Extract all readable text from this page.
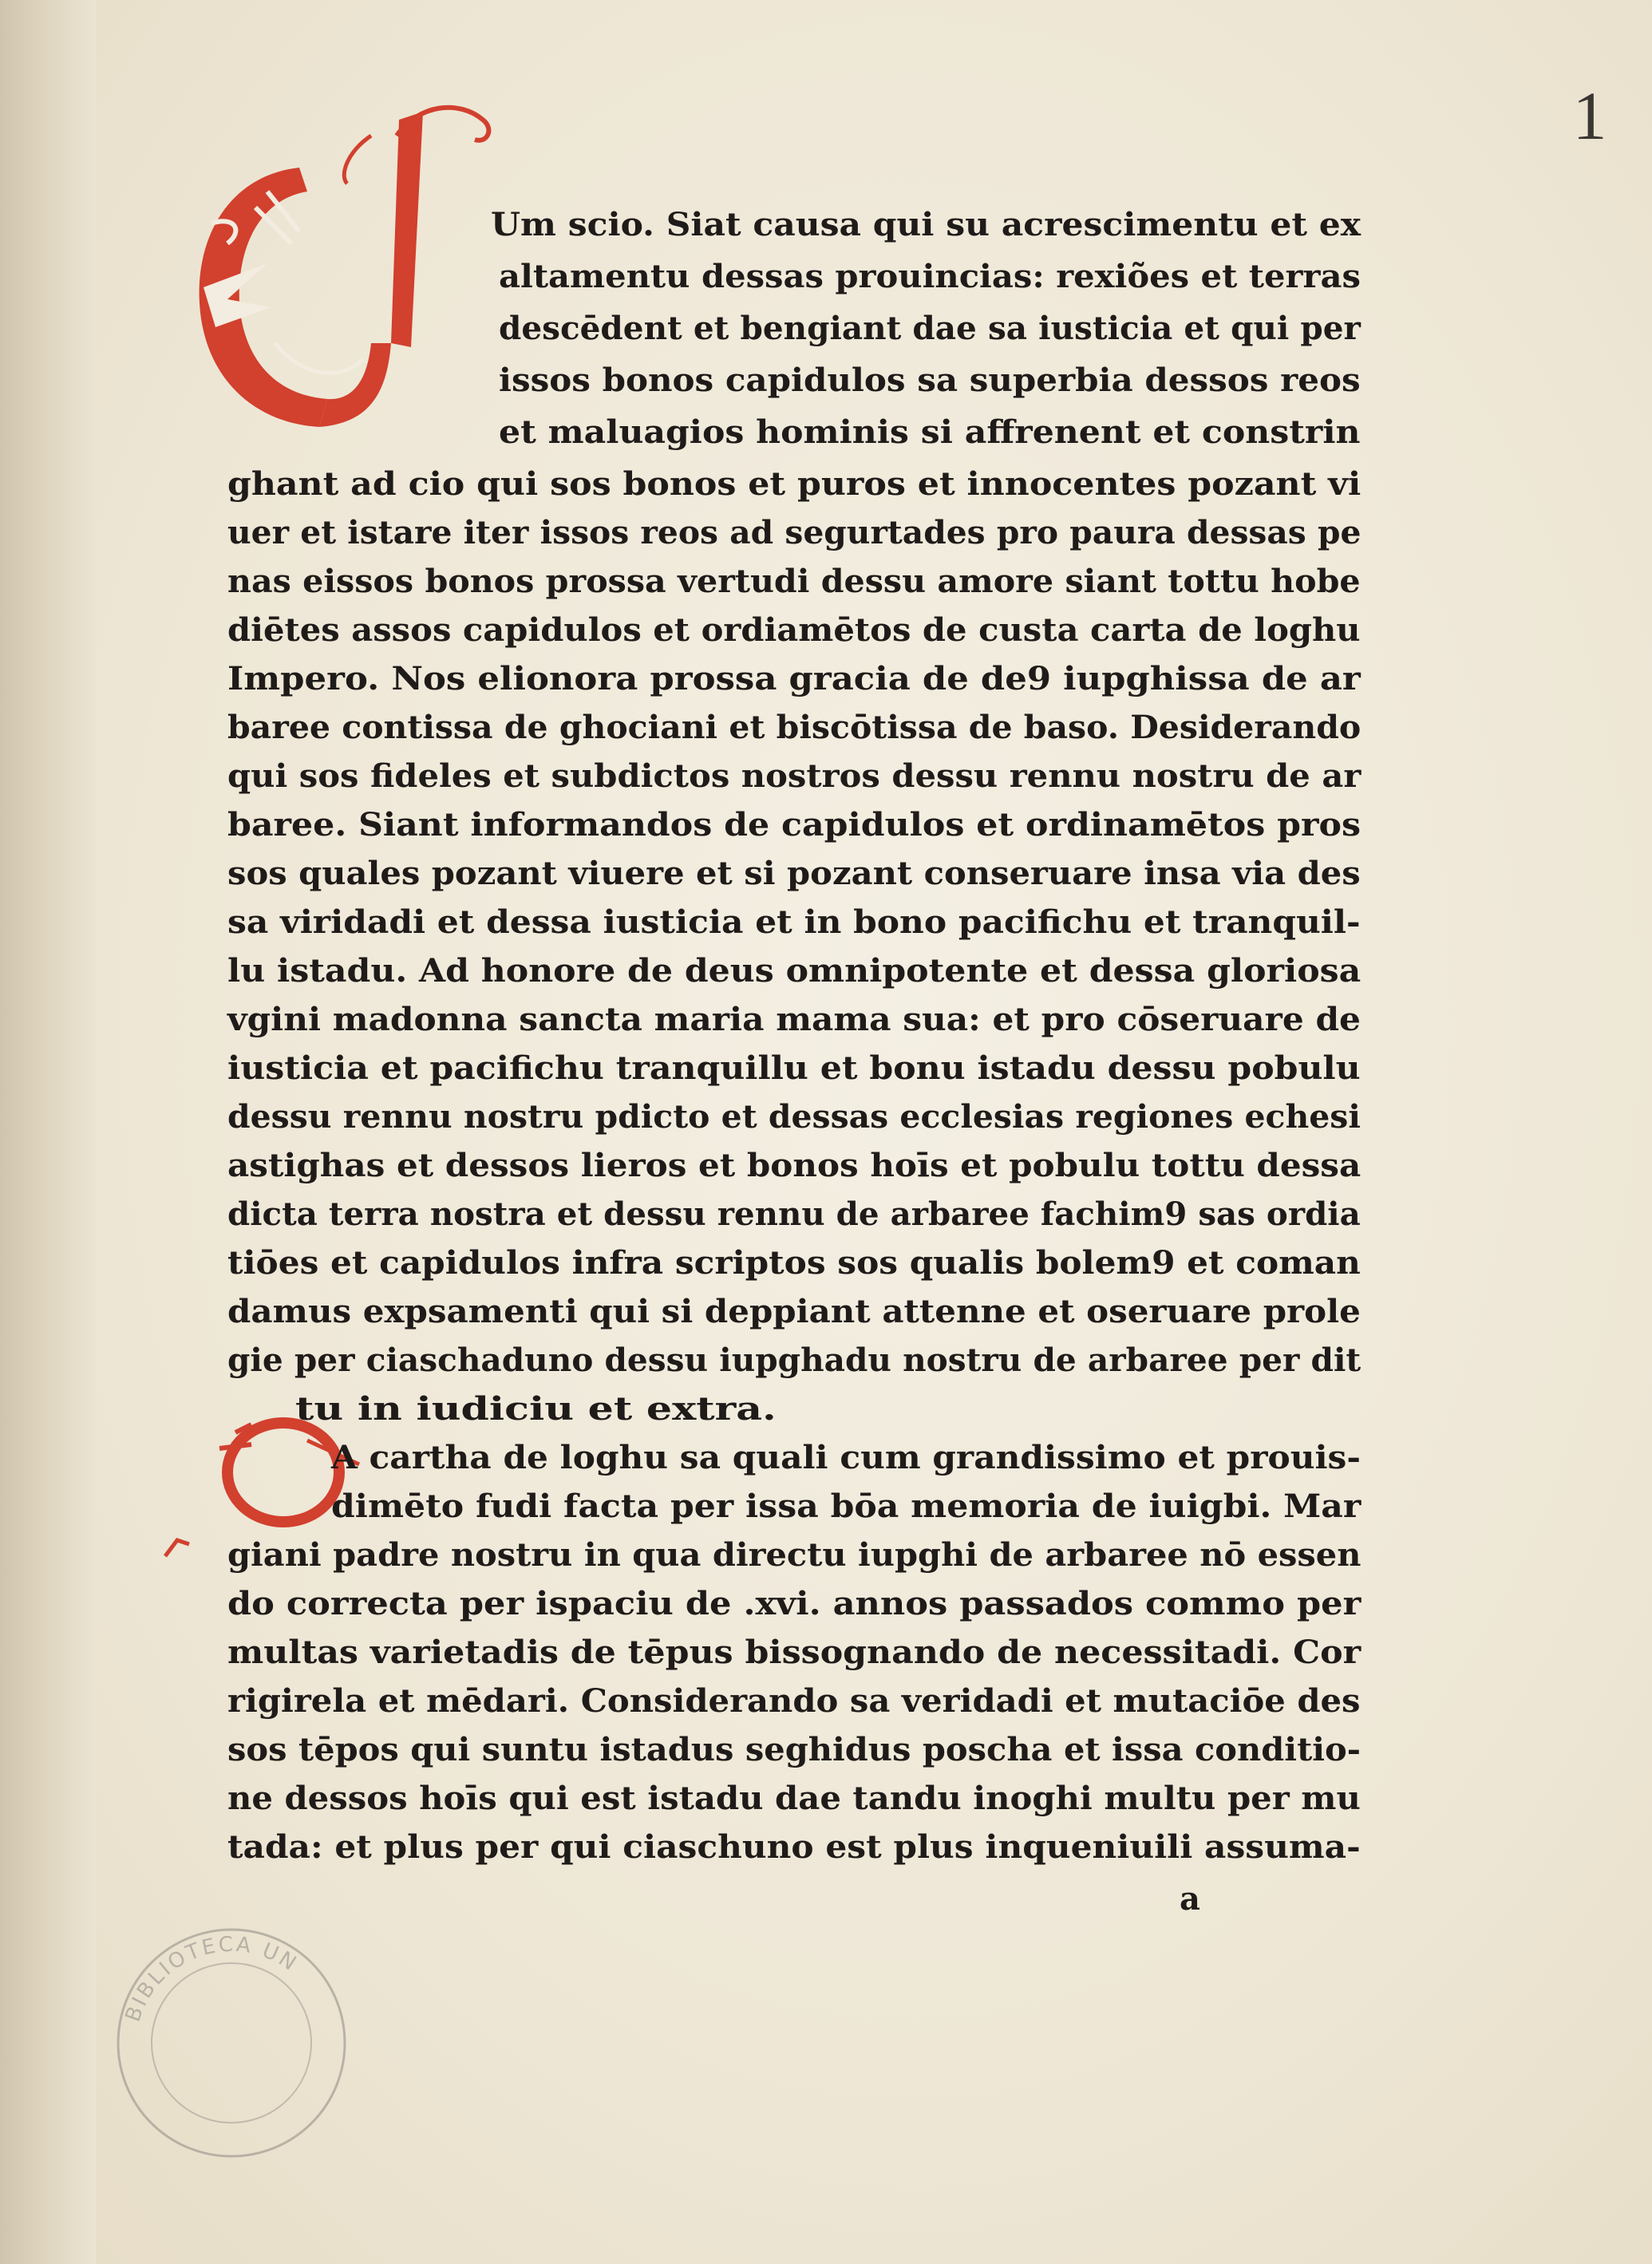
1
Um scio. Siat causa qui su acrescimentu et ex
altamentu dessas prouincias: rexiões et terras
descēdent et bengiant dae sa iusticia et qui per
issos bonos capidulos sa superbia dessos reos
et maluagios hominis si affrenent et constrin
ghant ad cio qui sos bonos et puros et innocentes pozant vi
uer et istare iter issos reos ad segurtades pro paura dessas pe
nas eissos bonos prossa vertudi dessu amore siant tottu hobe
diētes assos capidulos et ordiamētos de custa carta de loghu
Impero. Nos elionora prossa gracia de de9 iupghissa de ar
baree contissa de ghociani et biscōtissa de baso. Desiderando
qui sos fideles et subdictos nostros dessu rennu nostru de ar
baree. Siant informandos de capidulos et ordinamētos pros
sos quales pozant viuere et si pozant conseruare insa via des
sa viridadi et dessa iusticia et in bono pacifichu et tranquil-
lu istadu. Ad honore de deus omnipotente et dessa gloriosa
vgini madonna sancta maria mama sua: et pro cōseruare de
iusticia et pacifichu tranquillu et bonu istadu dessu pobulu
dessu rennu nostru pdicto et dessas ecclesias regiones echesi
astighas et dessos lieros et bonos hoīs et pobulu tottu dessa
dicta terra nostra et dessu rennu de arbaree fachim9 sas ordia
tiōes et capidulos infra scriptos sos qualis bolem9 et coman
damus expsamenti qui si deppiant attenne et oseruare prole
gie per ciaschaduno dessu iupghadu nostru de arbaree per dit
tu in iudiciu et extra.
A cartha de loghu sa quali cum grandissimo et prouis-
dimēto fudi facta per issa bōa memoria de iuigbi. Mar
giani padre nostru in qua directu iupghi de arbaree nō essen
do correcta per ispaciu de .xvi. annos passados commo per
multas varietadis de tēpus bissognando de necessitadi. Cor
rigirela et mēdari. Considerando sa veridadi et mutaciōe des
sos tēpos qui suntu istadus seghidus poscha et issa conditio-
ne dessos hoīs qui est istadu dae tandu inoghi multu per mu
tada: et plus per qui ciaschuno est plus inqueniuili assuma-
a
BIBLIOTECA UN
